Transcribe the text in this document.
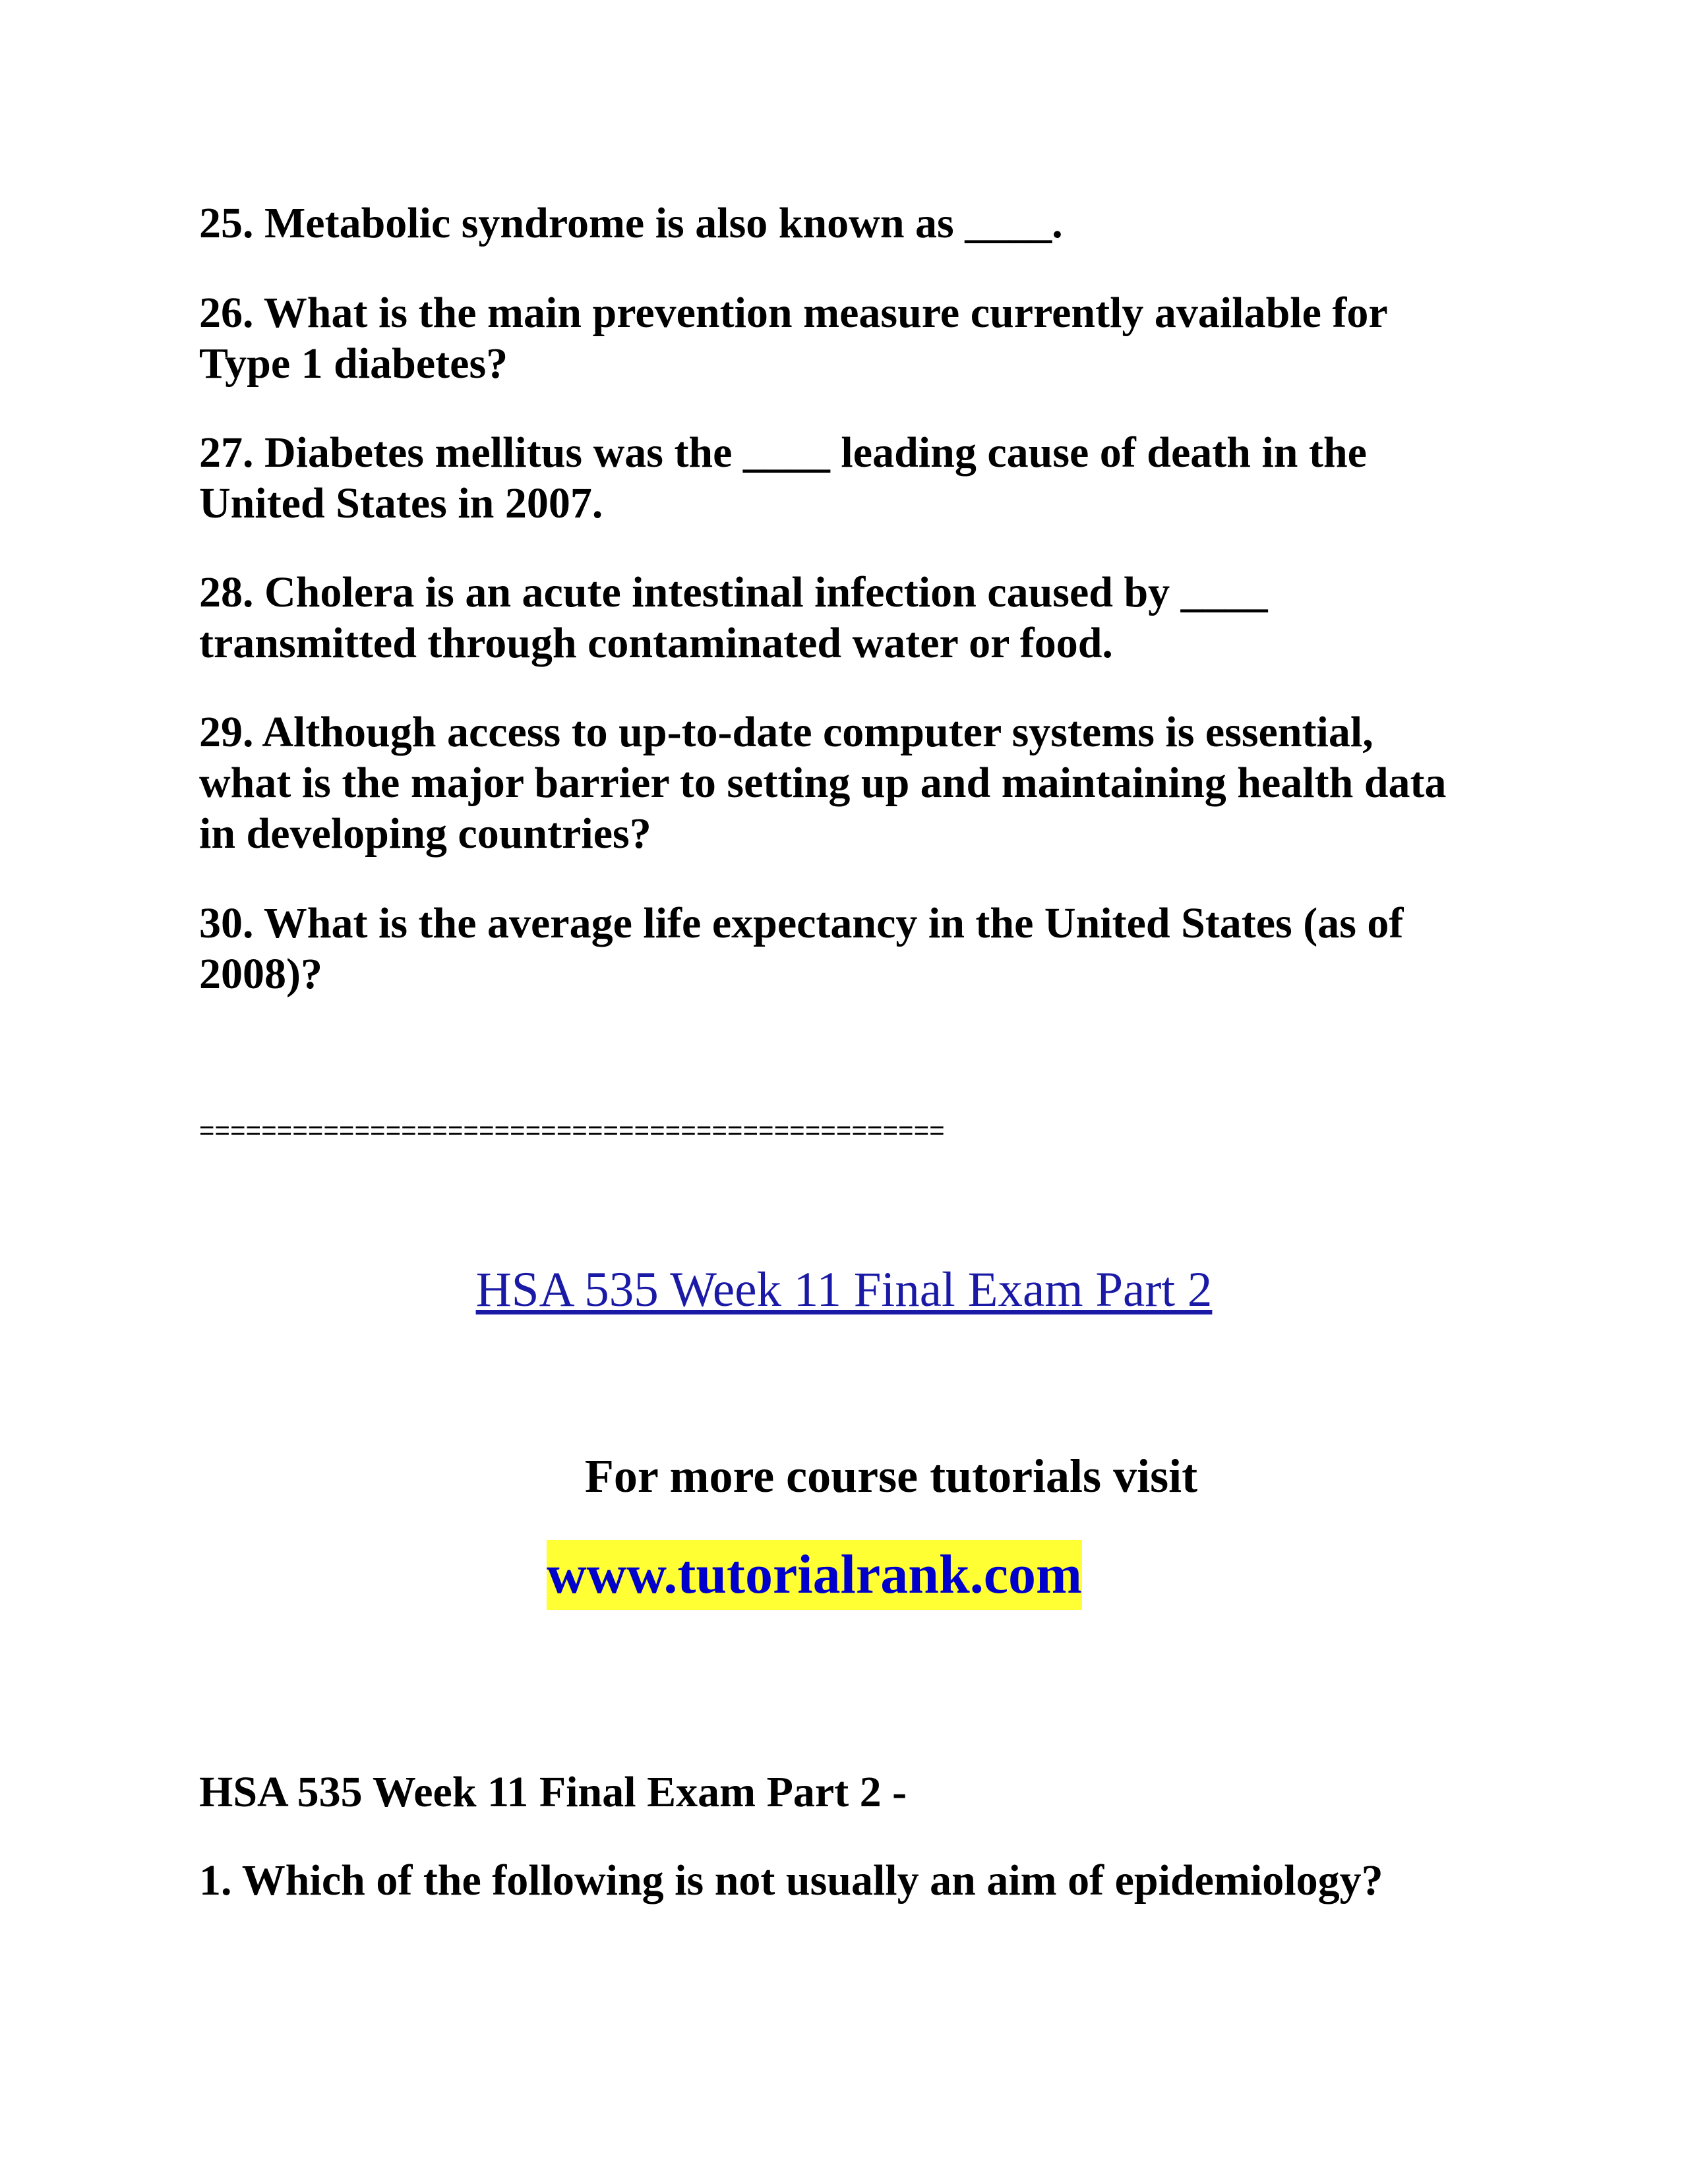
25. Metabolic syndrome is also known as ____.
26. What is the main prevention measure currently available for
Type 1 diabetes?
27. Diabetes mellitus was the ____ leading cause of death in the
United States in 2007.
28. Cholera is an acute intestinal infection caused by ____
transmitted through contaminated water or food.
29. Although access to up-to-date computer systems is essential,
what is the major barrier to setting up and maintaining health data
in developing countries?
30. What is the average life expectancy in the United States (as of
2008)?
================================================
HSA 535 Week 11 Final Exam Part 2
For more course tutorials visit
www.tutorialrank.com
HSA 535 Week 11 Final Exam Part 2 -
1. Which of the following is not usually an aim of epidemiology?
